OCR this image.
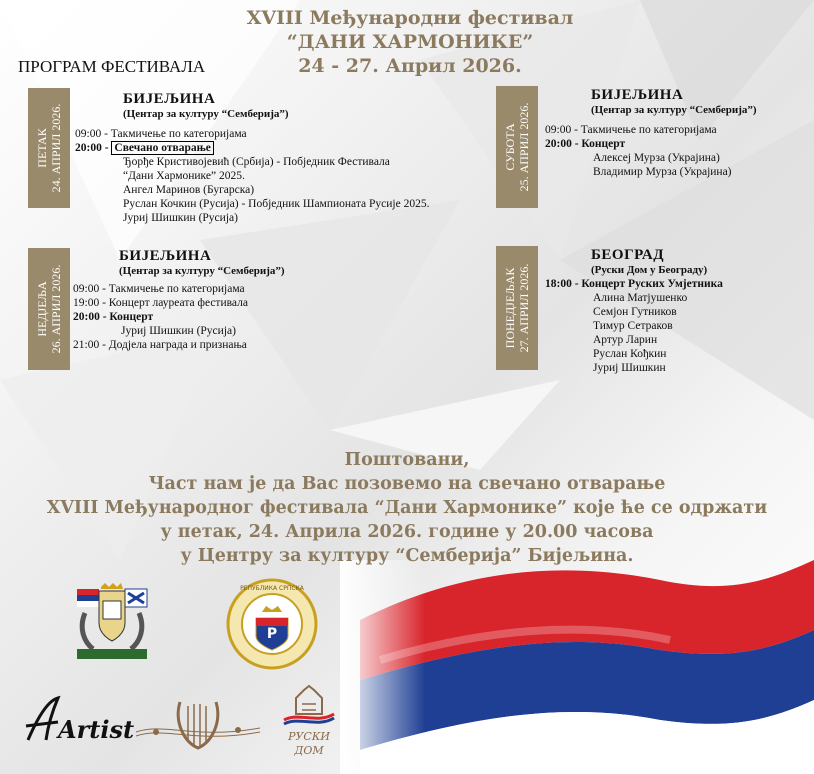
XVIII Међународни фестивал
“ДАНИ ХАРМОНИКЕ”
24 - 27. Април 2026.
ПРОГРАМ ФЕСТИВАЛА
ПЕТАК 24. АПРИЛ 2026.
БИЈЕЉИНА
(Центар за културу “Семберија”)
09:00 - Такмичење по категоријама
20:00 - Свечано отварање
Ђорђе Кристивојевић (Србија) - Побједник Фестивала
“Дани Хармонике” 2025.
Ангел Маринов (Бугарска)
Руслан Кочкин (Русија) - Побједник Шампионата Русије 2025.
Јуриј Шишкин (Русија)
СУБОТА 25. АПРИЛ 2026.
БИЈЕЉИНА
(Центар за културу “Семберија”)
09:00 - Такмичење по категоријама
20:00 - Концерт
Алексеј Мурза (Украјина)
Владимир Мурза (Украјина)
НЕДЈЕЉА 26. АПРИЛ 2026.
БИЈЕЉИНА
(Центар за културу “Семберија”)
09:00 - Такмичење по категоријама
19:00 - Концерт лауреата фестивала
20:00 - Концерт
Јуриј Шишкин (Русија)
21:00 - Додјела награда и признања	ПОНЕДЈЕЉАК 27. АПРИЛ 2026.
БЕОГРАД
(Руски Дом у Београду)
18:00 - Концерт Руских Умјетника
Алина Матјушенко
Семјон Гутников
Тимур Сетраков
Артур Ларин
Руслан Кођкин
Јуриј Шишкин
Поштовани,
Част нам је да Вас позовемо на свечано отварање
XVIII Међународног фестивала “Дани Хармонике” које ће се одржати
у петак, 24. Априла 2026. године у 20.00 часова
у Центру за културу “Семберија” Бијељина.
Р
РЕПУБЛИКА СРПСКА
Artist	РУСКИ
ДОМ
